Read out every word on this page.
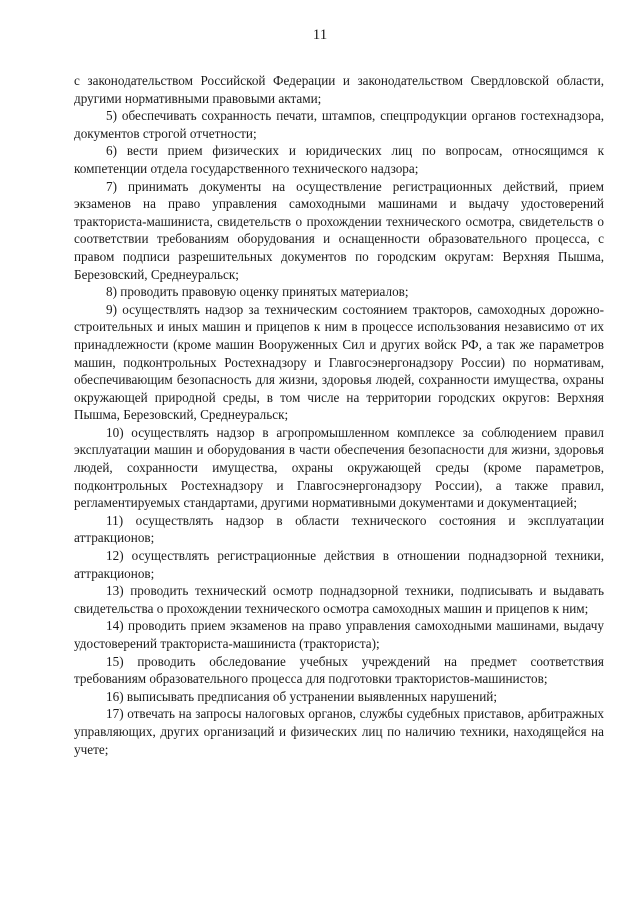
11

с законодательством Российской Федерации и законодательством Свердловской области, другими нормативными правовыми актами;

5) обеспечивать сохранность печати, штампов, спецпродукции органов гостехнадзора, документов строгой отчетности;

6) вести прием физических и юридических лиц по вопросам, относящимся к компетенции отдела государственного технического надзора;

7) принимать документы на осуществление регистрационных действий, прием экзаменов на право управления самоходными машинами и выдачу удостоверений тракториста-машиниста, свидетельств о прохождении технического осмотра, свидетельств о соответствии требованиям оборудования и оснащенности образовательного процесса, с правом подписи разрешительных документов по городским округам: Верхняя Пышма, Березовский, Среднеуральск;

8) проводить правовую оценку принятых материалов;

9) осуществлять надзор за техническим состоянием тракторов, самоходных дорожно-строительных и иных машин и прицепов к ним в процессе использования независимо от их принадлежности (кроме машин Вооруженных Сил и других войск РФ, а так же параметров машин, подконтрольных Ростехнадзору и Главгосэнергонадзору России) по нормативам, обеспечивающим безопасность для жизни, здоровья людей, сохранности имущества, охраны окружающей природной среды, в том числе на территории городских округов: Верхняя Пышма, Березовский, Среднеуральск;

10) осуществлять надзор в агропромышленном комплексе за соблюдением правил эксплуатации машин и оборудования в части обеспечения безопасности для жизни, здоровья людей, сохранности имущества, охраны окружающей среды (кроме параметров, подконтрольных Ростехнадзору и Главгосэнергонадзору России), а также правил, регламентируемых стандартами, другими нормативными документами и документацией;

11) осуществлять надзор в области технического состояния и эксплуатации аттракционов;

12) осуществлять регистрационные действия в отношении поднадзорной техники, аттракционов;

13) проводить технический осмотр поднадзорной техники, подписывать и выдавать свидетельства о прохождении технического осмотра самоходных машин и прицепов к ним;

14) проводить прием экзаменов на право управления самоходными машинами, выдачу удостоверений тракториста-машиниста (тракториста);

15) проводить обследование учебных учреждений на предмет соответствия требованиям образовательного процесса для подготовки трактористов-машинистов;

16) выписывать предписания об устранении выявленных нарушений;

17) отвечать на запросы налоговых органов, службы судебных приставов, арбитражных управляющих, других организаций и физических лиц по наличию техники, находящейся на учете;
